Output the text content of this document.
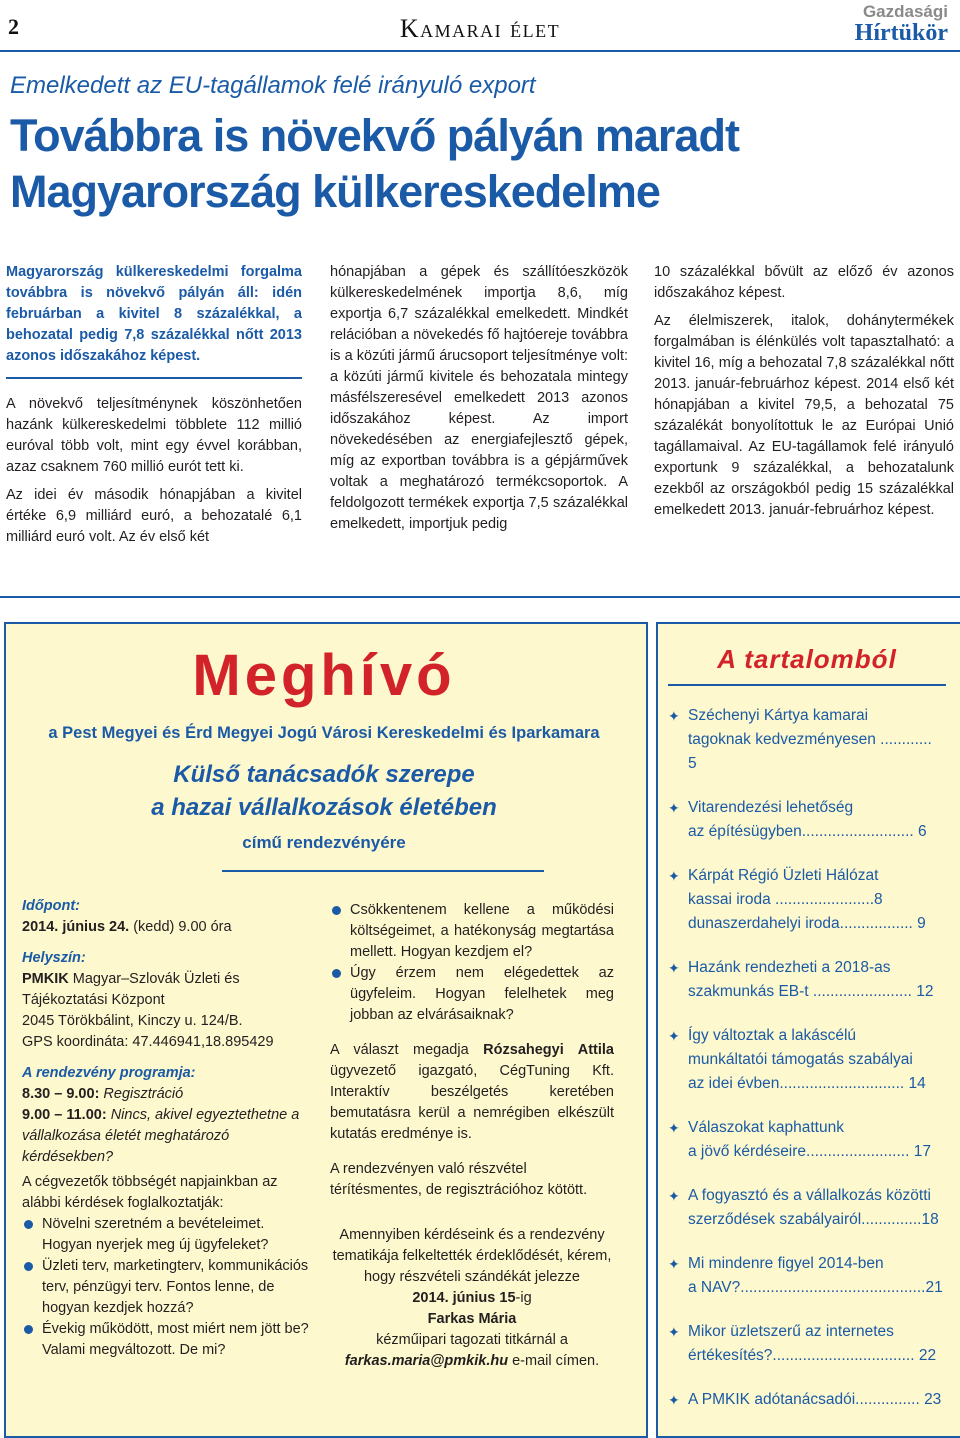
2	Kamarai élet
Gazdasági
Hírtükör
Emelkedett az EU-tagállamok felé irányuló export
Továbbra is növekvő pályán maradt
Magyarország külkereskedelme

Magyarország külkereskedelmi forgalma továbbra is növekvő pályán áll: idén februárban a kivitel 8 százalékkal, a behozatal pedig 7,8 százalékkal nőtt 2013 azonos időszakához képest.

A növekvő teljesítménynek köszönhetően hazánk külkereskedelmi többlete 112 millió euróval több volt, mint egy évvel korábban, azaz csaknem 760 millió eurót tett ki.

Az idei év második hónapjában a kivitel értéke 6,9 milliárd euró, a behozatalé 6,1 milliárd euró volt. Az év első két

hónapjában a gépek és szállítóeszközök külkereskedelmének importja 8,6, míg exportja 6,7 százalékkal emelkedett. Mindkét relációban a növekedés fő hajtóereje továbbra is a közúti jármű árucsoport teljesítménye volt: a közúti jármű kivitele és behozatala mintegy másfélszeresével emelkedett 2013 azonos időszakához képest. Az import növekedésében az energiafejlesztő gépek, míg az exportban továbbra is a gépjárművek voltak a meghatározó termékcsoportok. A feldolgozott termékek exportja 7,5 százalékkal emelkedett, importjuk pedig

10 százalékkal bővült az előző év azonos időszakához képest.

Az élelmiszerek, italok, dohánytermékek forgalmában is élénkülés volt tapasztalható: a kivitel 16, míg a behozatal 7,8 százalékkal nőtt 2013. január-februárhoz képest. 2014 első két hónapjában a kivitel 79,5, a behozatal 75 százalékát bonyolítottuk le az Európai Unió tagállamaival. Az EU-tagállamok felé irányuló exportunk 9 százalékkal, a behozatalunk ezekből az országokból pedig 15 százalékkal emelkedett 2013. január-februárhoz képest.

Meghívó
a Pest Megyei és Érd Megyei Jogú Városi Kereskedelmi és Iparkamara
Külső tanácsadók szerepe
a hazai vállalkozások életében
című rendezvényére
Időpont:
2014. június 24. (kedd) 9.00 óra
Helyszín:
PMKIK Magyar–Szlovák Üzleti és Tájékoztatási Központ
2045 Törökbálint, Kinczy u. 124/B.
GPS koordináta: 47.446941,18.895429
A rendezvény programja:
8.30 – 9.00: Regisztráció
9.00 – 11.00: Nincs, akivel egyeztethetne a vállalkozása életét meghatározó kérdésekben?
A cégvezetők többségét napjainkban az alábbi kérdések foglalkoztatják:
Növelni szeretném a bevételeimet. Hogyan nyerjek meg új ügyfeleket?
Üzleti terv, marketingterv, kommunikációs terv, pénzügyi terv. Fontos lenne, de hogyan kezdjek hozzá?
Évekig működött, most miért nem jött be? Valami megváltozott. De mi?
Csökkentenem kellene a működési költségeimet, a hatékonyság megtartása mellett. Hogyan kezdjem el?
Úgy érzem nem elégedettek az ügyfeleim. Hogyan felelhetek meg jobban az elvárásaiknak?
A választ megadja Rózsahegyi Attila ügyvezető igazgató, CégTuning Kft. Interaktív beszélgetés keretében bemutatásra kerül a nemrégiben elkészült kutatás eredménye is.
A rendezvényen való részvétel térítésmentes, de regisztrációhoz kötött.
Amennyiben kérdéseink és a rendezvény tematikája felkeltették érdeklődését, kérem, hogy részvételi szándékát jelezze
2014. június 15-ig
Farkas Mária
kézműipari tagozati titkárnál a
farkas.maria@pmkik.hu e-mail címen.
A tartalomból
✦ Széchenyi Kártya kamarai
tagoknak kedvezményesen ............ 5
✦ Vitarendezési lehetőség
az építésügyben.......................... 6
✦ Kárpát Régió Üzleti Hálózat
kassai iroda .......................8
dunaszerdahelyi iroda................. 9
✦ Hazánk rendezheti a 2018-as
szakmunkás EB-t ....................... 12
✦ Így változtak a lakáscélú
munkáltatói támogatás szabályai
az idei évben............................. 14
✦ Válaszokat kaphattunk
a jövő kérdéseire........................ 17
✦ A fogyasztó és a vállalkozás közötti
szerződések szabályairól..............18
✦ Mi mindenre figyel 2014-ben
a NAV?...........................................21
✦ Mikor üzletszerű az internetes
értékesítés?................................. 22
✦ A PMKIK adótanácsadói............... 23
